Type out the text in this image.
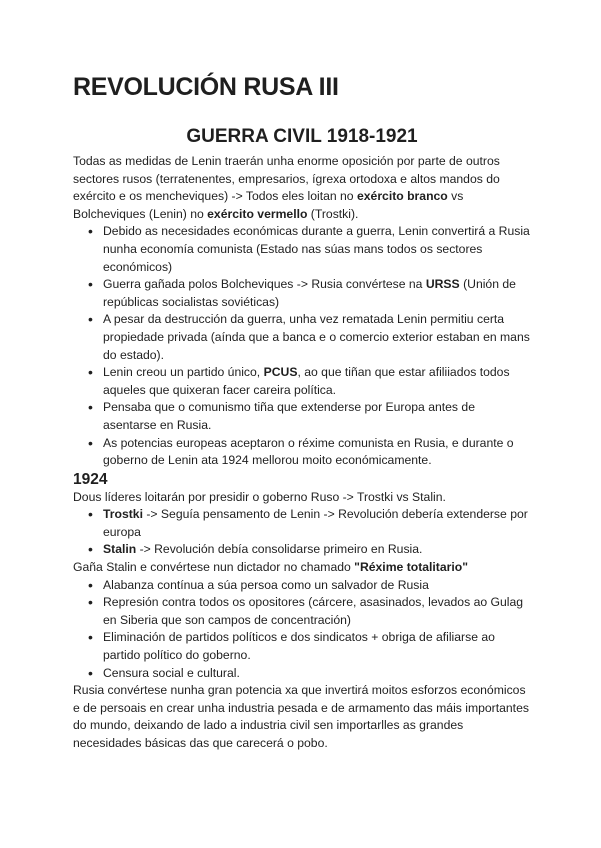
REVOLUCIÓN RUSA III
GUERRA CIVIL 1918-1921

Todas as medidas de Lenin traerán unha enorme oposición por parte de outros sectores rusos (terratenentes, empresarios, ígrexa ortodoxa e altos mandos do exército e os mencheviques) -> Todos eles loitan no exército branco vs Bolcheviques (Lenin) no exército vermello (Trostki).

• Debido as necesidades económicas durante a guerra, Lenin convertirá a Rusia nunha economía comunista (Estado nas súas mans todos os sectores económicos)
• Guerra gañada polos Bolcheviques -> Rusia convértese na URSS (Unión de repúblicas socialistas soviéticas)
• A pesar da destrucción da guerra, unha vez rematada Lenin permitiu certa propiedade privada (aínda que a banca e o comercio exterior estaban en mans do estado).
• Lenin creou un partido único, PCUS, ao que tiñan que estar afiliiados todos aqueles que quixeran facer careira política.
• Pensaba que o comunismo tiña que extenderse por Europa antes de asentarse en Rusia.
• As potencias europeas aceptaron o réxime comunista en Rusia, e durante o goberno de Lenin ata 1924 mellorou moito económicamente.
1924

Dous líderes loitarán por presidir o goberno Ruso -> Trostki vs Stalin.

• Trostki -> Seguía pensamento de Lenin -> Revolución debería extenderse por europa
• Stalin -> Revolución debía consolidarse primeiro en Rusia.

Gaña Stalin e convértese nun dictador no chamado "Réxime totalitario"

• Alabanza contínua a súa persoa como un salvador de Rusia
• Represión contra todos os opositores (cárcere, asasinados, levados ao Gulag en Siberia que son campos de concentración)
• Eliminación de partidos políticos e dos sindicatos + obriga de afiliarse ao partido político do goberno.
• Censura social e cultural.

Rusia convértese nunha gran potencia xa que invertirá moitos esforzos económicos e de persoais en crear unha industria pesada e de armamento das máis importantes do mundo, deixando de lado a industria civil sen importarlles as grandes necesidades básicas das que carecerá o pobo.
